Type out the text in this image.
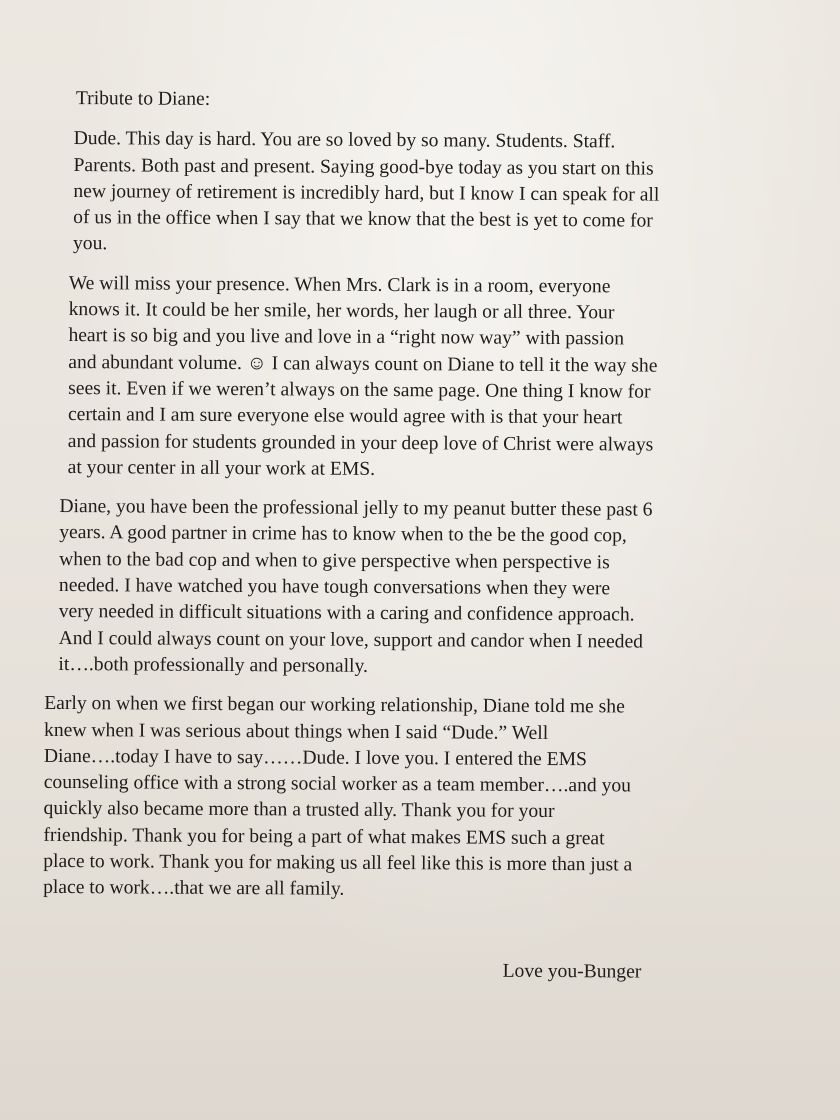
Tribute to Diane:
Dude. This day is hard. You are so loved by so many. Students. Staff.
Parents. Both past and present. Saying good-bye today as you start on this
new journey of retirement is incredibly hard, but I know I can speak for all
of us in the office when I say that we know that the best is yet to come for
you.
We will miss your presence. When Mrs. Clark is in a room, everyone
knows it. It could be her smile, her words, her laugh or all three. Your
heart is so big and you live and love in a “right now way” with passion
and abundant volume. ☺ I can always count on Diane to tell it the way she
sees it. Even if we weren’t always on the same page. One thing I know for
certain and I am sure everyone else would agree with is that your heart
and passion for students grounded in your deep love of Christ were always
at your center in all your work at EMS.
Diane, you have been the professional jelly to my peanut butter these past 6
years. A good partner in crime has to know when to the be the good cop,
when to the bad cop and when to give perspective when perspective is
needed. I have watched you have tough conversations when they were
very needed in difficult situations with a caring and confidence approach.
And I could always count on your love, support and candor when I needed
it….both professionally and personally.
Early on when we first began our working relationship, Diane told me she
knew when I was serious about things when I said “Dude.” Well
Diane….today I have to say……Dude. I love you. I entered the EMS
counseling office with a strong social worker as a team member….and you
quickly also became more than a trusted ally. Thank you for your
friendship. Thank you for being a part of what makes EMS such a great
place to work. Thank you for making us all feel like this is more than just a
place to work….that we are all family.
Love you-Bunger
